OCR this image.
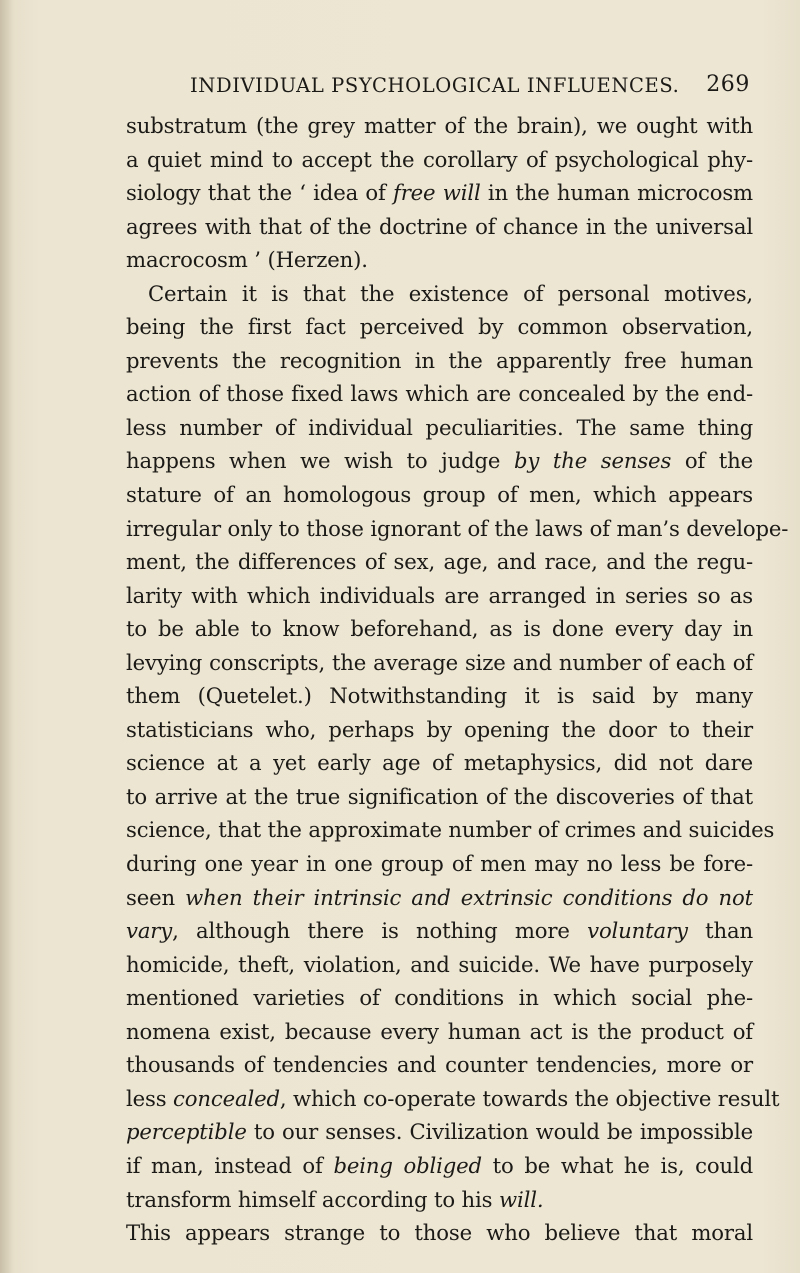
INDIVIDUAL PSYCHOLOGICAL INFLUENCES. 269
substratum (the grey matter of the brain), we ought with
a quiet mind to accept the corollary of psychological phy-
siology that the ‘ idea of free will in the human microcosm
agrees with that of the doctrine of chance in the universal
macrocosm ’ (Herzen).
Certain it is that the existence of personal motives,
being the first fact perceived by common observation,
prevents the recognition in the apparently free human
action of those fixed laws which are concealed by the end-
less number of individual peculiarities. The same thing
happens when we wish to judge by the senses of the
stature of an homologous group of men, which appears
irregular only to those ignorant of the laws of man’s develope-
ment, the differences of sex, age, and race, and the regu-
larity with which individuals are arranged in series so as
to be able to know beforehand, as is done every day in
levying conscripts, the average size and number of each of
them (Quetelet.) Notwithstanding it is said by many
statisticians who, perhaps by opening the door to their
science at a yet early age of metaphysics, did not dare
to arrive at the true signification of the discoveries of that
science, that the approximate number of crimes and suicides
during one year in one group of men may no less be fore-
seen when their intrinsic and extrinsic conditions do not
vary, although there is nothing more voluntary than
homicide, theft, violation, and suicide. We have purposely
mentioned varieties of conditions in which social phe-
nomena exist, because every human act is the product of
thousands of tendencies and counter tendencies, more or
less concealed, which co-operate towards the objective result
perceptible to our senses. Civilization would be impossible
if man, instead of being obliged to be what he is, could
transform himself according to his will.
This appears strange to those who believe that moral
